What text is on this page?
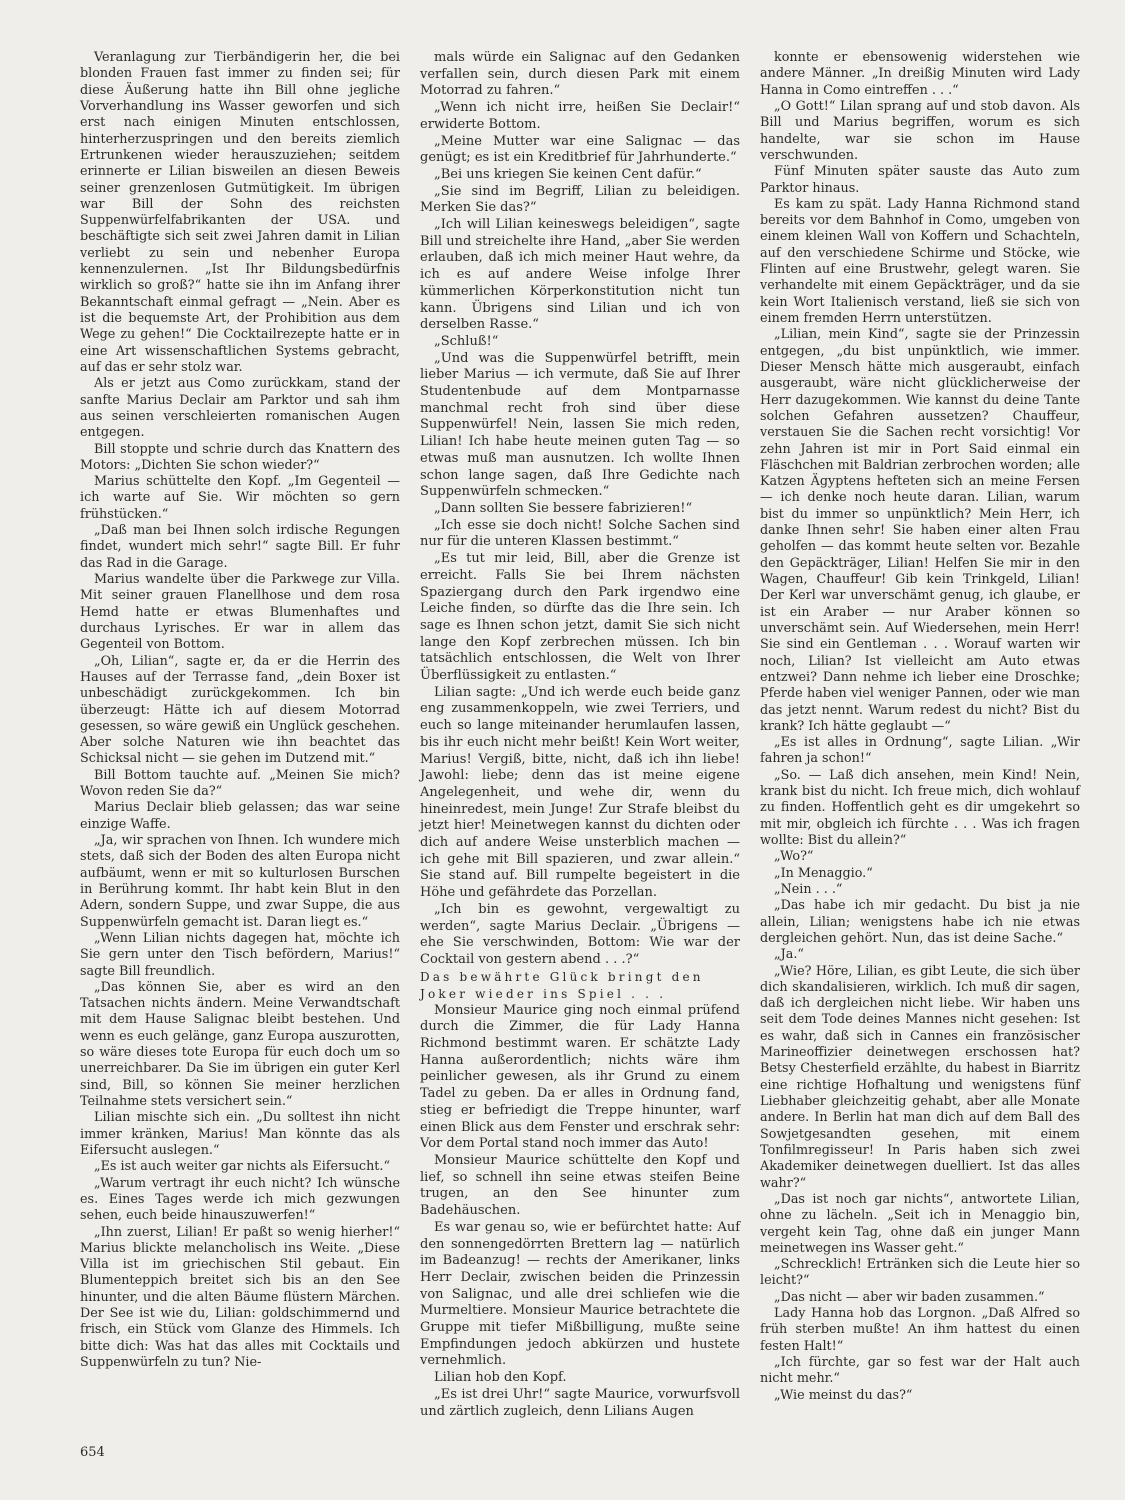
Veranlagung zur Tierbändigerin her, die bei blonden Frauen fast immer zu finden sei; für diese Äußerung hatte ihn Bill ohne jegliche Vorverhandlung ins Wasser geworfen und sich erst nach einigen Minuten entschlossen, hinterherzuspringen und den bereits ziemlich Ertrunkenen wieder herauszuziehen; seitdem erinnerte er Lilian bisweilen an diesen Beweis seiner grenzenlosen Gutmütigkeit. Im übrigen war Bill der Sohn des reichsten Suppenwürfelfabrikanten der USA. und beschäftigte sich seit zwei Jahren damit in Lilian verliebt zu sein und nebenher Europa kennenzulernen. „Ist Ihr Bildungsbedürfnis wirklich so groß?“ hatte sie ihn im Anfang ihrer Bekanntschaft einmal gefragt — „Nein. Aber es ist die bequemste Art, der Prohibition aus dem Wege zu gehen!“ Die Cocktailrezepte hatte er in eine Art wissenschaftlichen Systems gebracht, auf das er sehr stolz war.

Als er jetzt aus Como zurückkam, stand der sanfte Marius Declair am Parktor und sah ihm aus seinen verschleierten romanischen Augen entgegen.

Bill stoppte und schrie durch das Knattern des Motors: „Dichten Sie schon wieder?“

Marius schüttelte den Kopf. „Im Gegenteil — ich warte auf Sie. Wir möchten so gern frühstücken.“

„Daß man bei Ihnen solch irdische Regungen findet, wundert mich sehr!“ sagte Bill. Er fuhr das Rad in die Garage.

Marius wandelte über die Parkwege zur Villa. Mit seiner grauen Flanellhose und dem rosa Hemd hatte er etwas Blumenhaftes und durchaus Lyrisches. Er war in allem das Gegenteil von Bottom.

„Oh, Lilian“, sagte er, da er die Herrin des Hauses auf der Terrasse fand, „dein Boxer ist unbeschädigt zurückgekommen. Ich bin überzeugt: Hätte ich auf diesem Motorrad gesessen, so wäre gewiß ein Unglück geschehen. Aber solche Naturen wie ihn beachtet das Schicksal nicht — sie gehen im Dutzend mit.“

Bill Bottom tauchte auf. „Meinen Sie mich? Wovon reden Sie da?“

Marius Declair blieb gelassen; das war seine einzige Waffe.

„Ja, wir sprachen von Ihnen. Ich wundere mich stets, daß sich der Boden des alten Europa nicht aufbäumt, wenn er mit so kulturlosen Burschen in Berührung kommt. Ihr habt kein Blut in den Adern, sondern Suppe, und zwar Suppe, die aus Suppenwürfeln gemacht ist. Daran liegt es.“

„Wenn Lilian nichts dagegen hat, möchte ich Sie gern unter den Tisch befördern, Marius!“ sagte Bill freundlich.

„Das können Sie, aber es wird an den Tatsachen nichts ändern. Meine Verwandtschaft mit dem Hause Salignac bleibt bestehen. Und wenn es euch gelänge, ganz Europa auszurotten, so wäre dieses tote Europa für euch doch um so unerreichbarer. Da Sie im übrigen ein guter Kerl sind, Bill, so können Sie meiner herzlichen Teilnahme stets versichert sein.“

Lilian mischte sich ein. „Du solltest ihn nicht immer kränken, Marius! Man könnte das als Eifersucht auslegen.“

„Es ist auch weiter gar nichts als Eifersucht.“

„Warum vertragt ihr euch nicht? Ich wünsche es. Eines Tages werde ich mich gezwungen sehen, euch beide hinauszuwerfen!“

„Ihn zuerst, Lilian! Er paßt so wenig hierher!“ Marius blickte melancholisch ins Weite. „Diese Villa ist im griechischen Stil gebaut. Ein Blumenteppich breitet sich bis an den See hinunter, und die alten Bäume flüstern Märchen. Der See ist wie du, Lilian: goldschimmernd und frisch, ein Stück vom Glanze des Himmels. Ich bitte dich: Was hat das alles mit Cocktails und Suppenwürfeln zu tun? Nie-

mals würde ein Salignac auf den Gedanken verfallen sein, durch diesen Park mit einem Motorrad zu fahren.“

„Wenn ich nicht irre, heißen Sie Declair!“ erwiderte Bottom.

„Meine Mutter war eine Salignac — das genügt; es ist ein Kreditbrief für Jahrhunderte.“

„Bei uns kriegen Sie keinen Cent dafür.“

„Sie sind im Begriff, Lilian zu beleidigen. Merken Sie das?“

„Ich will Lilian keineswegs beleidigen“, sagte Bill und streichelte ihre Hand, „aber Sie werden erlauben, daß ich mich meiner Haut wehre, da ich es auf andere Weise infolge Ihrer kümmerlichen Körperkonstitution nicht tun kann. Übrigens sind Lilian und ich von derselben Rasse.“

„Schluß!“

„Und was die Suppenwürfel betrifft, mein lieber Marius — ich vermute, daß Sie auf Ihrer Studentenbude auf dem Montparnasse manchmal recht froh sind über diese Suppenwürfel! Nein, lassen Sie mich reden, Lilian! Ich habe heute meinen guten Tag — so etwas muß man ausnutzen. Ich wollte Ihnen schon lange sagen, daß Ihre Gedichte nach Suppenwürfeln schmecken.“

„Dann sollten Sie bessere fabrizieren!“

„Ich esse sie doch nicht! Solche Sachen sind nur für die unteren Klassen bestimmt.“

„Es tut mir leid, Bill, aber die Grenze ist erreicht. Falls Sie bei Ihrem nächsten Spaziergang durch den Park irgendwo eine Leiche finden, so dürfte das die Ihre sein. Ich sage es Ihnen schon jetzt, damit Sie sich nicht lange den Kopf zerbrechen müssen. Ich bin tatsächlich entschlossen, die Welt von Ihrer Überflüssigkeit zu entlasten.“

Lilian sagte: „Und ich werde euch beide ganz eng zusammenkoppeln, wie zwei Terriers, und euch so lange miteinander herumlaufen lassen, bis ihr euch nicht mehr beißt! Kein Wort weiter, Marius! Vergiß, bitte, nicht, daß ich ihn liebe! Jawohl: liebe; denn das ist meine eigene Angelegenheit, und wehe dir, wenn du hineinredest, mein Junge! Zur Strafe bleibst du jetzt hier! Meinetwegen kannst du dichten oder dich auf andere Weise unsterblich machen — ich gehe mit Bill spazieren, und zwar allein.“ Sie stand auf. Bill rumpelte begeistert in die Höhe und gefährdete das Porzellan.

„Ich bin es gewohnt, vergewaltigt zu werden“, sagte Marius Declair. „Übrigens — ehe Sie verschwinden, Bottom: Wie war der Cocktail von gestern abend . . .?“

Das bewährte Glück bringt den Joker wieder ins Spiel . . .

Monsieur Maurice ging noch einmal prüfend durch die Zimmer, die für Lady Hanna Richmond bestimmt waren. Er schätzte Lady Hanna außerordentlich; nichts wäre ihm peinlicher gewesen, als ihr Grund zu einem Tadel zu geben. Da er alles in Ordnung fand, stieg er befriedigt die Treppe hinunter, warf einen Blick aus dem Fenster und erschrak sehr: Vor dem Portal stand noch immer das Auto!

Monsieur Maurice schüttelte den Kopf und lief, so schnell ihn seine etwas steifen Beine trugen, an den See hinunter zum Badehäuschen.

Es war genau so, wie er befürchtet hatte: Auf den sonnengedörrten Brettern lag — natürlich im Badeanzug! — rechts der Amerikaner, links Herr Declair, zwischen beiden die Prinzessin von Salignac, und alle drei schliefen wie die Murmeltiere. Monsieur Maurice betrachtete die Gruppe mit tiefer Mißbilligung, mußte seine Empfindungen jedoch abkürzen und hustete vernehmlich.

Lilian hob den Kopf.

„Es ist drei Uhr!“ sagte Maurice, vorwurfsvoll und zärtlich zugleich, denn Lilians Augen

konnte er ebensowenig widerstehen wie andere Männer. „In dreißig Minuten wird Lady Hanna in Como eintreffen . . .“

„O Gott!“ Lilan sprang auf und stob davon. Als Bill und Marius begriffen, worum es sich handelte, war sie schon im Hause verschwunden.

Fünf Minuten später sauste das Auto zum Parktor hinaus.

Es kam zu spät. Lady Hanna Richmond stand bereits vor dem Bahnhof in Como, umgeben von einem kleinen Wall von Koffern und Schachteln, auf den verschiedene Schirme und Stöcke, wie Flinten auf eine Brustwehr, gelegt waren. Sie verhandelte mit einem Gepäckträger, und da sie kein Wort Italienisch verstand, ließ sie sich von einem fremden Herrn unterstützen.

„Lilian, mein Kind“, sagte sie der Prinzessin entgegen, „du bist unpünktlich, wie immer. Dieser Mensch hätte mich ausgeraubt, einfach ausgeraubt, wäre nicht glücklicherweise der Herr dazugekommen. Wie kannst du deine Tante solchen Gefahren aussetzen? Chauffeur, verstauen Sie die Sachen recht vorsichtig! Vor zehn Jahren ist mir in Port Said einmal ein Fläschchen mit Baldrian zerbrochen worden; alle Katzen Ägyptens hefteten sich an meine Fersen — ich denke noch heute daran. Lilian, warum bist du immer so unpünktlich? Mein Herr, ich danke Ihnen sehr! Sie haben einer alten Frau geholfen — das kommt heute selten vor. Bezahle den Gepäckträger, Lilian! Helfen Sie mir in den Wagen, Chauffeur! Gib kein Trinkgeld, Lilian! Der Kerl war unverschämt genug, ich glaube, er ist ein Araber — nur Araber können so unverschämt sein. Auf Wiedersehen, mein Herr! Sie sind ein Gentleman . . . Worauf warten wir noch, Lilian? Ist vielleicht am Auto etwas entzwei? Dann nehme ich lieber eine Droschke; Pferde haben viel weniger Pannen, oder wie man das jetzt nennt. Warum redest du nicht? Bist du krank? Ich hätte geglaubt —“

„Es ist alles in Ordnung“, sagte Lilian. „Wir fahren ja schon!“

„So. — Laß dich ansehen, mein Kind! Nein, krank bist du nicht. Ich freue mich, dich wohlauf zu finden. Hoffentlich geht es dir umgekehrt so mit mir, obgleich ich fürchte . . . Was ich fragen wollte: Bist du allein?“

„Wo?“

„In Menaggio.“

„Nein . . .“

„Das habe ich mir gedacht. Du bist ja nie allein, Lilian; wenigstens habe ich nie etwas dergleichen gehört. Nun, das ist deine Sache.“

„Ja.“

„Wie? Höre, Lilian, es gibt Leute, die sich über dich skandalisieren, wirklich. Ich muß dir sagen, daß ich dergleichen nicht liebe. Wir haben uns seit dem Tode deines Mannes nicht gesehen: Ist es wahr, daß sich in Cannes ein französischer Marineoffizier deinetwegen erschossen hat? Betsy Chesterfield erzählte, du habest in Biarritz eine richtige Hofhaltung und wenigstens fünf Liebhaber gleichzeitig gehabt, aber alle Monate andere. In Berlin hat man dich auf dem Ball des Sowjetgesandten gesehen, mit einem Tonfilmregisseur! In Paris haben sich zwei Akademiker deinetwegen duelliert. Ist das alles wahr?“

„Das ist noch gar nichts“, antwortete Lilian, ohne zu lächeln. „Seit ich in Menaggio bin, vergeht kein Tag, ohne daß ein junger Mann meinetwegen ins Wasser geht.“

„Schrecklich! Ertränken sich die Leute hier so leicht?“

„Das nicht — aber wir baden zusammen.“

Lady Hanna hob das Lorgnon. „Daß Alfred so früh sterben mußte! An ihm hattest du einen festen Halt!“

„Ich fürchte, gar so fest war der Halt auch nicht mehr.“

„Wie meinst du das?“

654
